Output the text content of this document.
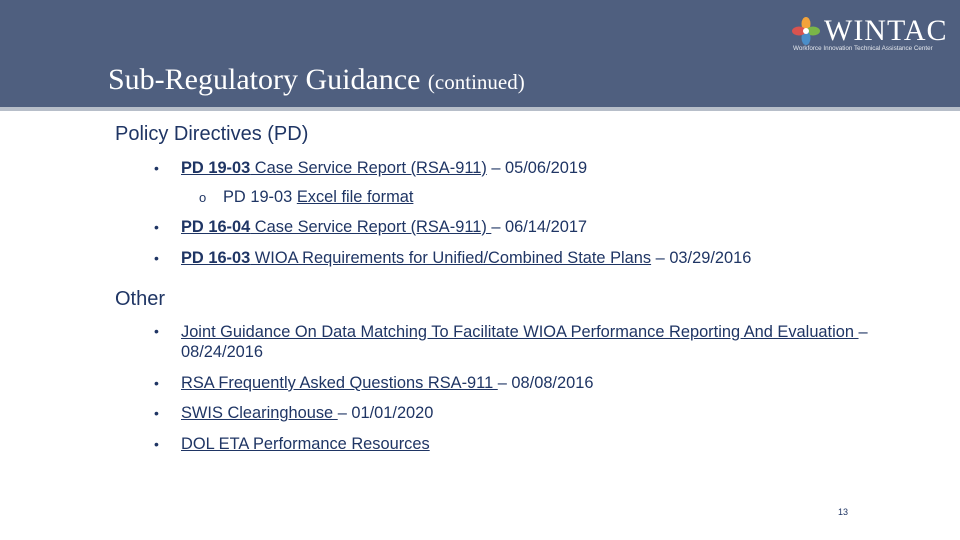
Sub-Regulatory Guidance (continued)
WINTAC
Workforce Innovation Technical Assistance Center
Policy Directives (PD)
• PD 19-03 Case Service Report (RSA-911) – 05/06/2019
o PD 19-03 Excel file format
• PD 16-04 Case Service Report (RSA-911) – 06/14/2017
• PD 16-03 WIOA Requirements for Unified/Combined State Plans – 03/29/2016
Other
• Joint Guidance On Data Matching To Facilitate WIOA Performance Reporting And Evaluation – 08/24/2016
• RSA Frequently Asked Questions RSA-911 – 08/08/2016
• SWIS Clearinghouse – 01/01/2020
• DOL ETA Performance Resources
13
